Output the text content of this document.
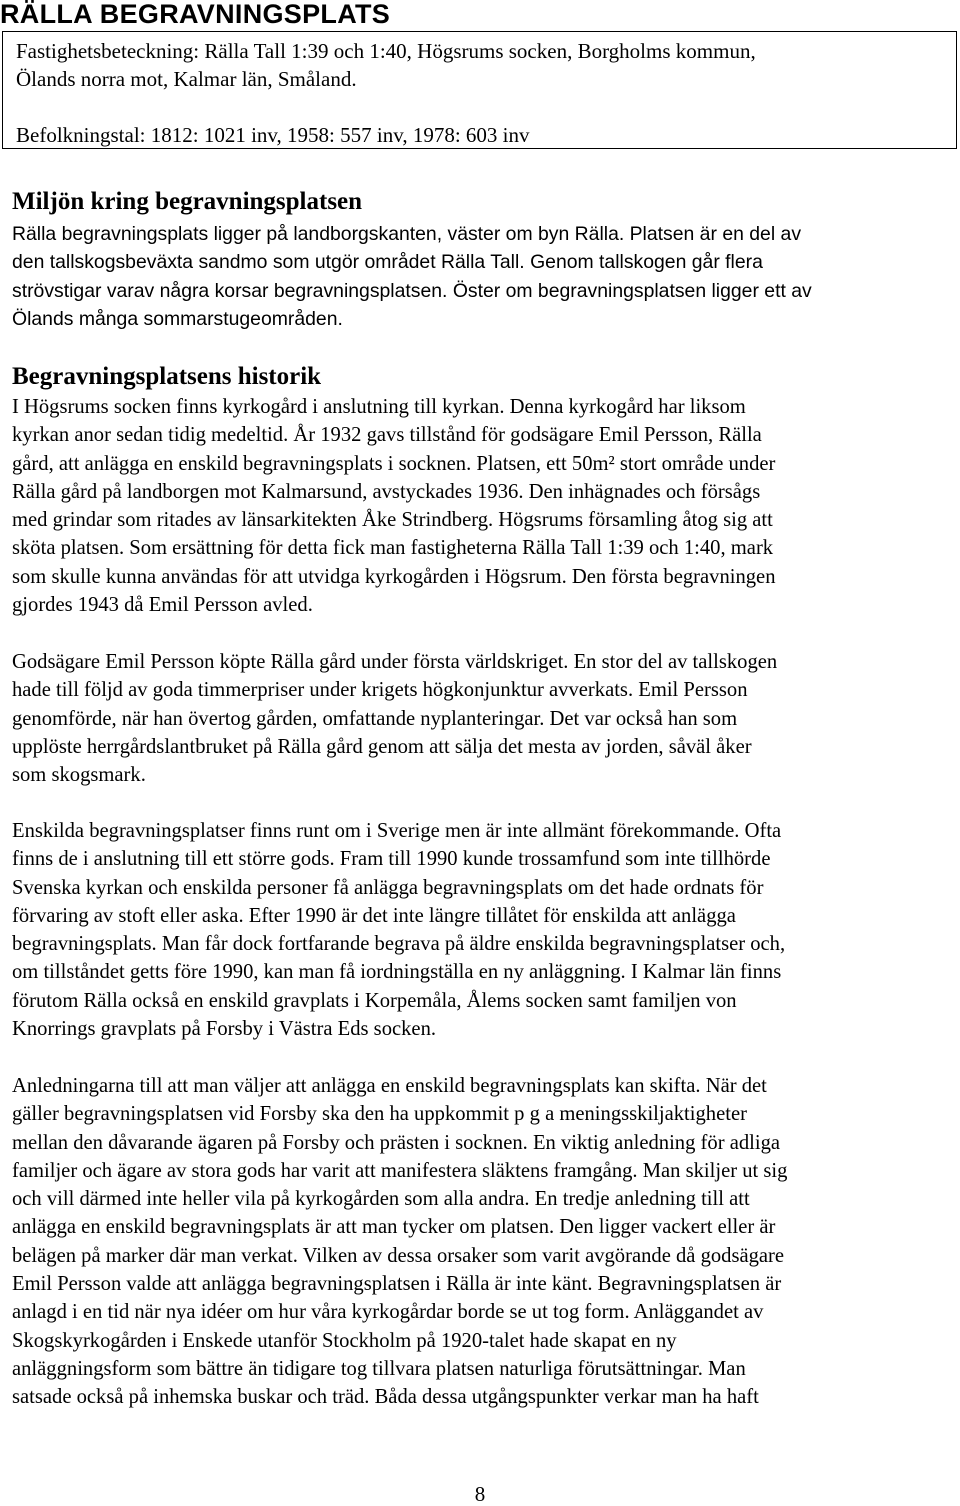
RÄLLA BEGRAVNINGSPLATS

Fastighetsbeteckning: Rälla Tall 1:39 och 1:40, Högsrums socken, Borgholms kommun,

Ölands norra mot, Kalmar län, Småland.

Befolkningstal: 1812: 1021 inv, 1958: 557 inv, 1978: 603 inv

Miljön kring begravningsplatsen
Rälla begravningsplats ligger på landborgskanten, väster om byn Rälla. Platsen är en del av
den tallskogsbeväxta sandmo som utgör området Rälla Tall. Genom tallskogen går flera
strövstigar varav några korsar begravningsplatsen. Öster om begravningsplatsen ligger ett av
Ölands många sommarstugeområden.
Begravningsplatsens historik
I Högsrums socken finns kyrkogård i anslutning till kyrkan. Denna kyrkogård har liksom
kyrkan anor sedan tidig medeltid. År 1932 gavs tillstånd för godsägare Emil Persson, Rälla
gård, att anlägga en enskild begravningsplats i socknen. Platsen, ett 50m² stort område under
Rälla gård på landborgen mot Kalmarsund, avstyckades 1936. Den inhägnades och försågs
med grindar som ritades av länsarkitekten Åke Strindberg. Högsrums församling åtog sig att
sköta platsen. Som ersättning för detta fick man fastigheterna Rälla Tall 1:39 och 1:40, mark
som skulle kunna användas för att utvidga kyrkogården i Högsrum. Den första begravningen
gjordes 1943 då Emil Persson avled.
Godsägare Emil Persson köpte Rälla gård under första världskriget. En stor del av tallskogen
hade till följd av goda timmerpriser under krigets högkonjunktur avverkats. Emil Persson
genomförde, när han övertog gården, omfattande nyplanteringar. Det var också han som
upplöste herrgårdslantbruket på Rälla gård genom att sälja det mesta av jorden, såväl åker
som skogsmark.
Enskilda begravningsplatser finns runt om i Sverige men är inte allmänt förekommande. Ofta
finns de i anslutning till ett större gods. Fram till 1990 kunde trossamfund som inte tillhörde
Svenska kyrkan och enskilda personer få anlägga begravningsplats om det hade ordnats för
förvaring av stoft eller aska. Efter 1990 är det inte längre tillåtet för enskilda att anlägga
begravningsplats. Man får dock fortfarande begrava på äldre enskilda begravningsplatser och,
om tillståndet getts före 1990, kan man få iordningställa en ny anläggning. I Kalmar län finns
förutom Rälla också en enskild gravplats i Korpemåla, Ålems socken samt familjen von
Knorrings gravplats på Forsby i Västra Eds socken.
Anledningarna till att man väljer att anlägga en enskild begravningsplats kan skifta. När det
gäller begravningsplatsen vid Forsby ska den ha uppkommit p g a meningsskiljaktigheter
mellan den dåvarande ägaren på Forsby och prästen i socknen. En viktig anledning för adliga
familjer och ägare av stora gods har varit att manifestera släktens framgång. Man skiljer ut sig
och vill därmed inte heller vila på kyrkogården som alla andra. En tredje anledning till att
anlägga en enskild begravningsplats är att man tycker om platsen. Den ligger vackert eller är
belägen på marker där man verkat. Vilken av dessa orsaker som varit avgörande då godsägare
Emil Persson valde att anlägga begravningsplatsen i Rälla är inte känt. Begravningsplatsen är
anlagd i en tid när nya idéer om hur våra kyrkogårdar borde se ut tog form. Anläggandet av
Skogskyrkogården i Enskede utanför Stockholm på 1920-talet hade skapat en ny
anläggningsform som bättre än tidigare tog tillvara platsen naturliga förutsättningar. Man
satsade också på inhemska buskar och träd. Båda dessa utgångspunkter verkar man ha haft

8
